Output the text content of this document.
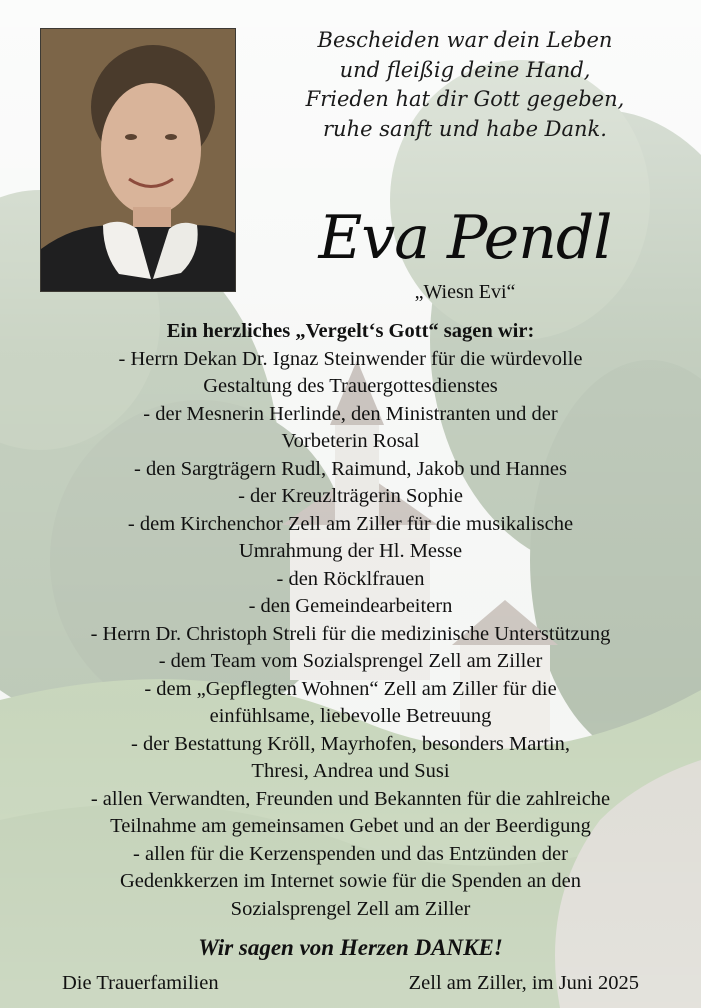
Bescheiden war dein Leben
und fleißig deine Hand,
Frieden hat dir Gott gegeben,
ruhe sanft und habe Dank.
Eva Pendl
„Wiesn Evi“
Ein herzliches „Vergelt‘s Gott“ sagen wir:
- Herrn Dekan Dr. Ignaz Steinwender für die würdevolle
Gestaltung des Trauergottesdienstes
- der Mesnerin Herlinde, den Ministranten und der
Vorbeterin Rosal
- den Sargträgern Rudl, Raimund, Jakob und Hannes
- der Kreuzlträgerin Sophie
- dem Kirchenchor Zell am Ziller für die musikalische
Umrahmung der Hl. Messe
- den Röcklfrauen
- den Gemeindearbeitern
- Herrn Dr. Christoph Streli für die medizinische Unterstützung
- dem Team vom Sozialsprengel Zell am Ziller
- dem „Gepflegten Wohnen“ Zell am Ziller für die
einfühlsame, liebevolle Betreuung
- der Bestattung Kröll, Mayrhofen, besonders Martin,
Thresi, Andrea und Susi
- allen Verwandten, Freunden und Bekannten für die zahlreiche
Teilnahme am gemeinsamen Gebet und an der Beerdigung
- allen für die Kerzenspenden und das Entzünden der
Gedenkkerzen im Internet sowie für die Spenden an den
Sozialsprengel Zell am Ziller
Wir sagen von Herzen DANKE!
Die Trauerfamilien	Zell am Ziller, im Juni 2025
